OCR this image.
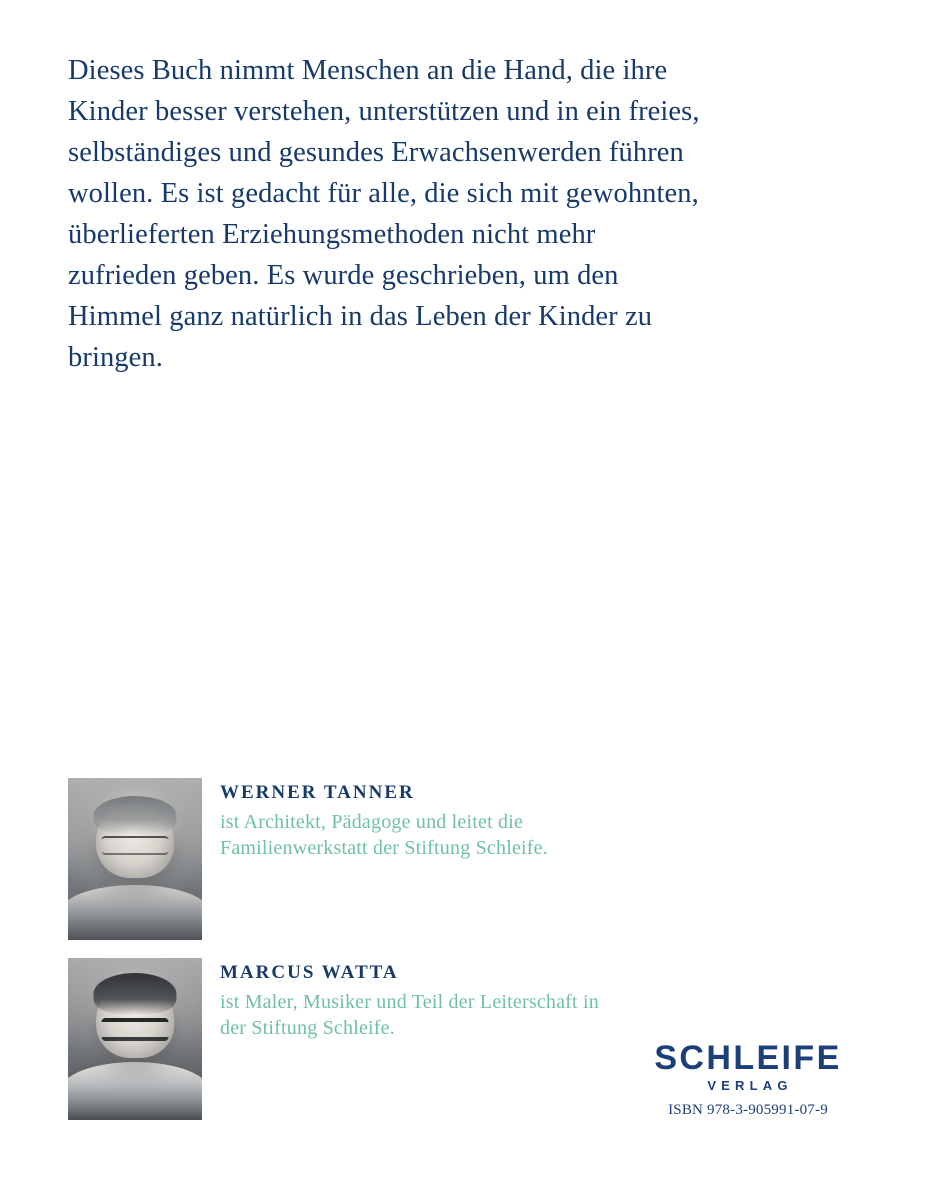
Dieses Buch nimmt Menschen an die Hand, die ihre Kinder besser verstehen, unterstützen und in ein freies, selbständiges und gesundes Erwachsenwerden führen wollen. Es ist gedacht für alle, die sich mit gewohnten, überlieferten Erziehungsmethoden nicht mehr zufrieden geben. Es wurde geschrieben, um den Himmel ganz natürlich in das Leben der Kinder zu bringen.

WERNER TANNER
ist Architekt, Pädagoge und leitet die Familienwerkstatt der Stiftung Schleife.
MARCUS WATTA
ist Maler, Musiker und Teil der Leiterschaft in der Stiftung Schleife.
SCHLEIFE
VERLAG
ISBN 978-3-905991-07-9
